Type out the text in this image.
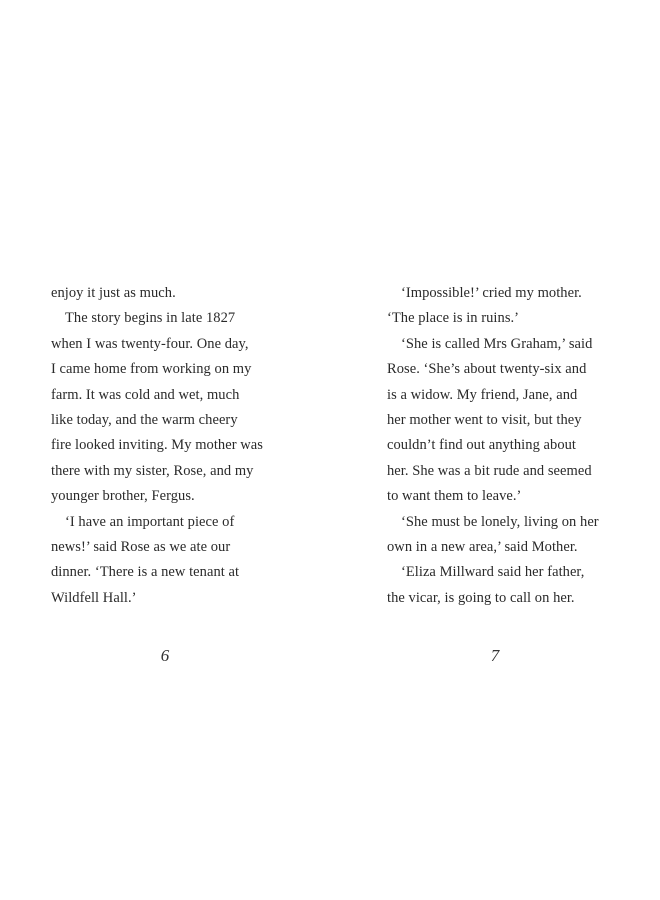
enjoy it just as much.
The story begins in late 1827
when I was twenty-four. One day,
I came home from working on my
farm. It was cold and wet, much
like today, and the warm cheery
fire looked inviting. My mother was
there with my sister, Rose, and my
younger brother, Fergus.
‘I have an important piece of
news!’ said Rose as we ate our
dinner. ‘There is a new tenant at
Wildfell Hall.’
‘Impossible!’ cried my mother.
‘The place is in ruins.’
‘She is called Mrs Graham,’ said
Rose. ‘She’s about twenty-six and
is a widow. My friend, Jane, and
her mother went to visit, but they
couldn’t find out anything about
her. She was a bit rude and seemed
to want them to leave.’
‘She must be lonely, living on her
own in a new area,’ said Mother.
‘Eliza Millward said her father,
the vicar, is going to call on her.
6	7
